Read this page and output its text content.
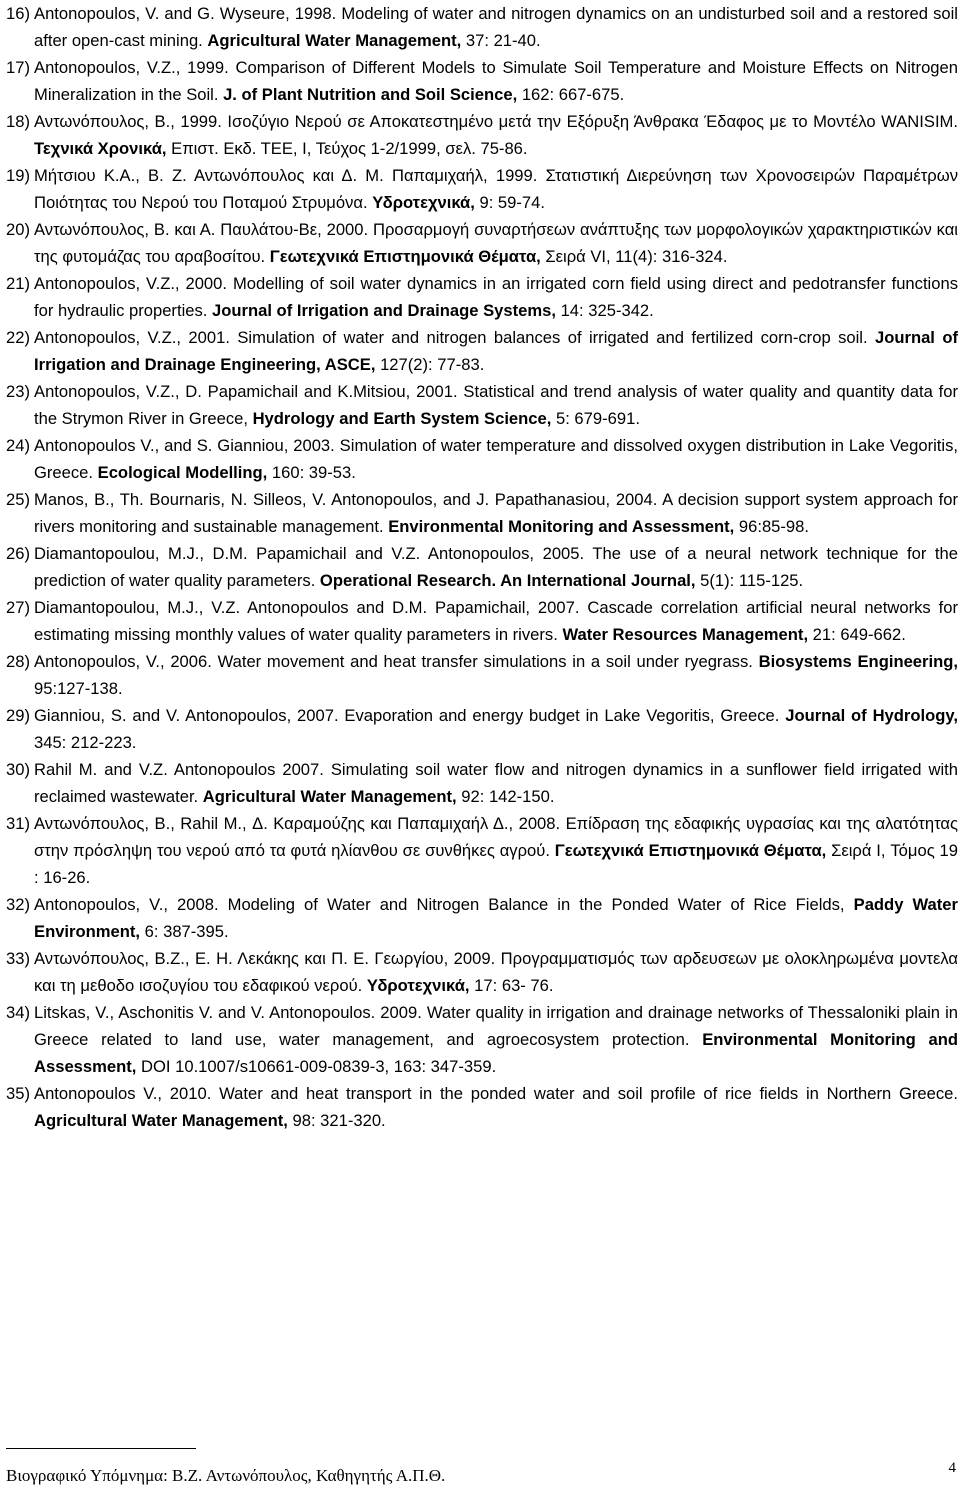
16) Antonopoulos, V. and G. Wyseure, 1998. Modeling of water and nitrogen dynamics on an undisturbed soil and a restored soil after open-cast mining. Agricultural Water Management, 37: 21-40.

17) Antonopoulos, V.Z., 1999. Comparison of Different Models to Simulate Soil Temperature and Moisture Effects on Nitrogen Mineralization in the Soil. J. of Plant Nutrition and Soil Science, 162: 667-675.

18) Αντωνόπουλος, Β., 1999. Ισοζύγιο Νερού σε Αποκατεστημένο μετά την Εξόρυξη Άνθρακα Έδαφος με το Μοντέλο WANISIM. Τεχνικά Χρονικά, Επιστ. Εκδ. ΤΕΕ, Ι, Τεύχος 1-2/1999, σελ. 75-86.

19) Μήτσιου Κ.Α., Β. Ζ. Αντωνόπουλος και Δ. Μ. Παπαμιχαήλ, 1999. Στατιστική Διερεύνηση των Χρονοσειρών Παραμέτρων Ποιότητας του Νερού του Ποταμού Στρυμόνα. Υδροτεχνικά, 9: 59-74.

20) Αντωνόπουλος, Β. και Α. Παυλάτου-Βε, 2000. Προσαρμογή συναρτήσεων ανάπτυξης των μορφολογικών χαρακτηριστικών και της φυτομάζας του αραβοσίτου. Γεωτεχνικά Επιστημονικά Θέματα, Σειρά VI, 11(4): 316-324.

21) Antonopoulos, V.Z., 2000. Modelling of soil water dynamics in an irrigated corn field using direct and pedotransfer functions for hydraulic properties. Journal of Irrigation and Drainage Systems, 14: 325-342.

22) Antonopoulos, V.Z., 2001. Simulation of water and nitrogen balances of irrigated and fertilized corn-crop soil. Journal of Irrigation and Drainage Engineering, ASCE, 127(2): 77-83.

23) Antonopoulos, V.Z., D. Papamichail and K.Mitsiou, 2001. Statistical and trend analysis of water quality and quantity data for the Strymon River in Greece, Hydrology and Earth System Science, 5: 679-691.

24) Antonopoulos V., and S. Gianniou, 2003. Simulation of water temperature and dissolved oxygen distribution in Lake Vegoritis, Greece. Ecological Modelling, 160: 39-53.

25) Manos, B., Th. Bournaris, N. Silleos, V. Antonopoulos, and J. Papathanasiou, 2004. A decision support system approach for rivers monitoring and sustainable management. Environmental Monitoring and Assessment, 96:85-98.

26) Diamantopoulou, M.J., D.M. Papamichail and V.Z. Antonopoulos, 2005. The use of a neural network technique for the prediction of water quality parameters. Operational Research. An International Journal, 5(1): 115-125.

27) Diamantopoulou, M.J., V.Z. Antonopoulos and D.M. Papamichail, 2007. Cascade correlation artificial neural networks for estimating missing monthly values of water quality parameters in rivers. Water Resources Management, 21: 649-662.

28) Antonopoulos, V., 2006. Water movement and heat transfer simulations in a soil under ryegrass. Biosystems Engineering, 95:127-138.

29) Gianniou, S. and V. Antonopoulos, 2007. Evaporation and energy budget in Lake Vegoritis, Greece. Journal of Hydrology, 345: 212-223.

30) Rahil M. and V.Z. Antonopoulos 2007. Simulating soil water flow and nitrogen dynamics in a sunflower field irrigated with reclaimed wastewater. Agricultural Water Management, 92: 142-150.

31) Αντωνόπουλος, Β., Rahil M., Δ. Καραμούζης και Παπαμιχαήλ Δ., 2008. Επίδραση της εδαφικής υγρασίας και της αλατότητας στην πρόσληψη του νερού από τα φυτά ηλίανθου σε συνθήκες αγρού. Γεωτεχνικά Επιστημονικά Θέματα, Σειρά I, Τόμος 19 : 16-26.

32) Antonopoulos, V., 2008. Modeling of Water and Nitrogen Balance in the Ponded Water of Rice Fields, Paddy Water Environment, 6: 387-395.

33) Αντωνόπουλος, Β.Ζ., Ε. Η. Λεκάκης και Π. Ε. Γεωργίου, 2009. Προγραμματισμός των αρδευσεων με ολοκληρωμένα μοντελα και τη μεθοδο ισοζυγίου του εδαφικού νερού. Υδροτεχνικά, 17: 63- 76.

34) Litskas, V., Aschonitis V. and V. Antonopoulos. 2009. Water quality in irrigation and drainage networks of Thessaloniki plain in Greece related to land use, water management, and agroecosystem protection. Environmental Monitoring and Assessment, DOI 10.1007/s10661-009-0839-3, 163: 347-359.

35) Antonopoulos V., 2010. Water and heat transport in the ponded water and soil profile of rice fields in Northern Greece. Agricultural Water Management, 98: 321-320.

Βιογραφικό Υπόμνημα: Β.Ζ. Αντωνόπουλος, Καθηγητής Α.Π.Θ.	4
